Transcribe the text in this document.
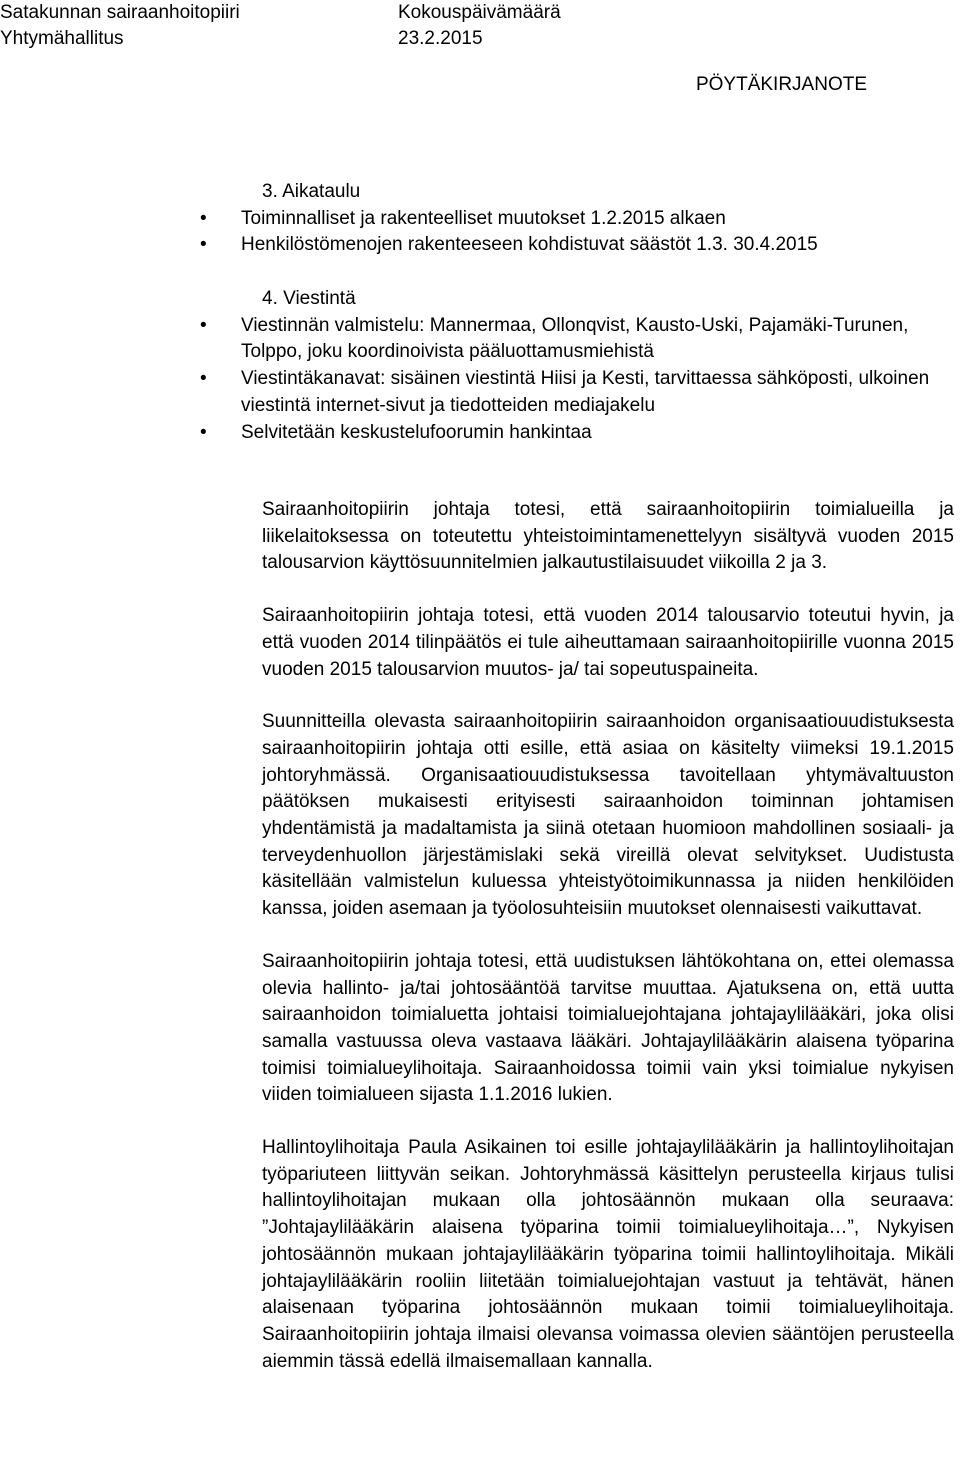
Satakunnan sairaanhoitopiiri
Yhtymähallitus
Kokouspäivämäärä
23.2.2015
PÖYTÄKIRJANOTE
3. Aikataulu
• Toiminnalliset ja rakenteelliset muutokset 1.2.2015 alkaen
• Henkilöstömenojen rakenteeseen kohdistuvat säästöt 1.3. 30.4.2015
4. Viestintä
• Viestinnän valmistelu: Mannermaa, Ollonqvist, Kausto-Uski, Pajamäki-Turunen, Tolppo, joku koordinoivista pääluottamusmiehistä
• Viestintäkanavat: sisäinen viestintä Hiisi ja Kesti, tarvittaessa sähköposti, ulkoinen viestintä internet-sivut ja tiedotteiden mediajakelu
• Selvitetään keskustelufoorumin hankintaa

Sairaanhoitopiirin johtaja totesi, että sairaanhoitopiirin toimialueilla ja liikelaitoksessa on toteutettu yhteistoimintamenettelyyn sisältyvä vuoden 2015 talousarvion käyttösuunnitelmien jalkautustilaisuudet viikoilla 2 ja 3.

Sairaanhoitopiirin johtaja totesi, että vuoden 2014 talousarvio toteutui hyvin, ja että vuoden 2014 tilinpäätös ei tule aiheuttamaan sairaanhoitopiirille vuonna 2015 vuoden 2015 talousarvion muutos- ja/ tai sopeutuspaineita.

Suunnitteilla olevasta sairaanhoitopiirin sairaanhoidon organisaatiouudistuksesta sairaanhoitopiirin johtaja otti esille, että asiaa on käsitelty viimeksi 19.1.2015 johtoryhmässä. Organisaatiouudistuksessa tavoitellaan yhtymävaltuuston päätöksen mukaisesti erityisesti sairaanhoidon toiminnan johtamisen yhdentämistä ja madaltamista ja siinä otetaan huomioon mahdollinen sosiaali- ja terveydenhuollon järjestämislaki sekä vireillä olevat selvitykset. Uudistusta käsitellään valmistelun kuluessa yhteistyötoimikunnassa ja niiden henkilöiden kanssa, joiden asemaan ja työolosuhteisiin muutokset olennaisesti vaikuttavat.

Sairaanhoitopiirin johtaja totesi, että uudistuksen lähtökohtana on, ettei olemassa olevia hallinto- ja/tai johtosääntöä tarvitse muuttaa. Ajatuksena on, että uutta sairaanhoidon toimialuetta johtaisi toimialuejohtajana johtajaylilääkäri, joka olisi samalla vastuussa oleva vastaava lääkäri. Johtajaylilääkärin alaisena työparina toimisi toimialueylihoitaja. Sairaanhoidossa toimii vain yksi toimialue nykyisen viiden toimialueen sijasta 1.1.2016 lukien.

Hallintoylihoitaja Paula Asikainen toi esille johtajaylilääkärin ja hallintoylihoitajan työpariuteen liittyvän seikan. Johtoryhmässä käsittelyn perusteella kirjaus tulisi hallintoylihoitajan mukaan olla johtosäännön mukaan olla seuraava: ”Johtajaylilääkärin alaisena työparina toimii toimialueylihoitaja…”, Nykyisen johtosäännön mukaan johtajaylilääkärin työparina toimii hallintoylihoitaja. Mikäli johtajaylilääkärin rooliin liitetään toimialuejohtajan vastuut ja tehtävät, hänen alaisenaan työparina johtosäännön mukaan toimii toimialueylihoitaja. Sairaanhoitopiirin johtaja ilmaisi olevansa voimassa olevien sääntöjen perusteella aiemmin tässä edellä ilmaisemallaan kannalla.
